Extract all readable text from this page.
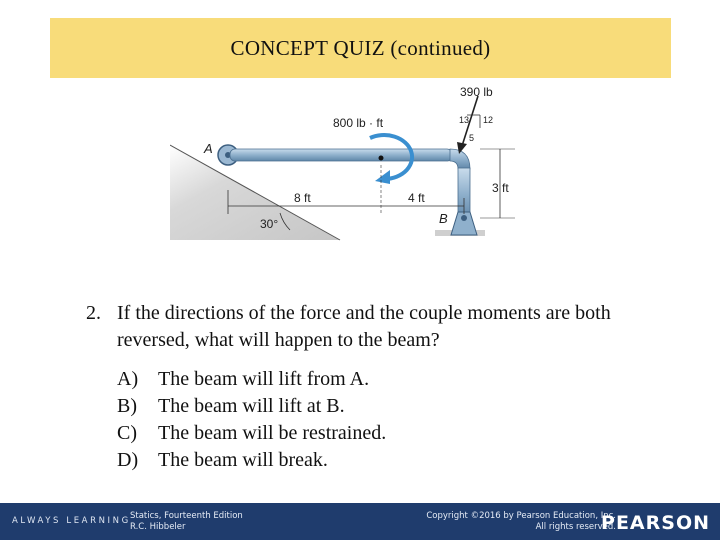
CONCEPT QUIZ (continued)
13 12
5
390 lb
800 lb · ft
A
B
8 ft	4 ft
3 ft
30°
2. If the directions of the force and the couple moments are both reversed, what will happen to the beam?
A) The beam will lift from A.
B) The beam will lift at B.
C) The beam will be restrained.
D) The beam will break.
ALWAYS LEARNING Statics, Fourteenth Edition
R.C. Hibbeler
Copyright ©2016 by Pearson Education, Inc.
All rights reserved.
PEARSON
